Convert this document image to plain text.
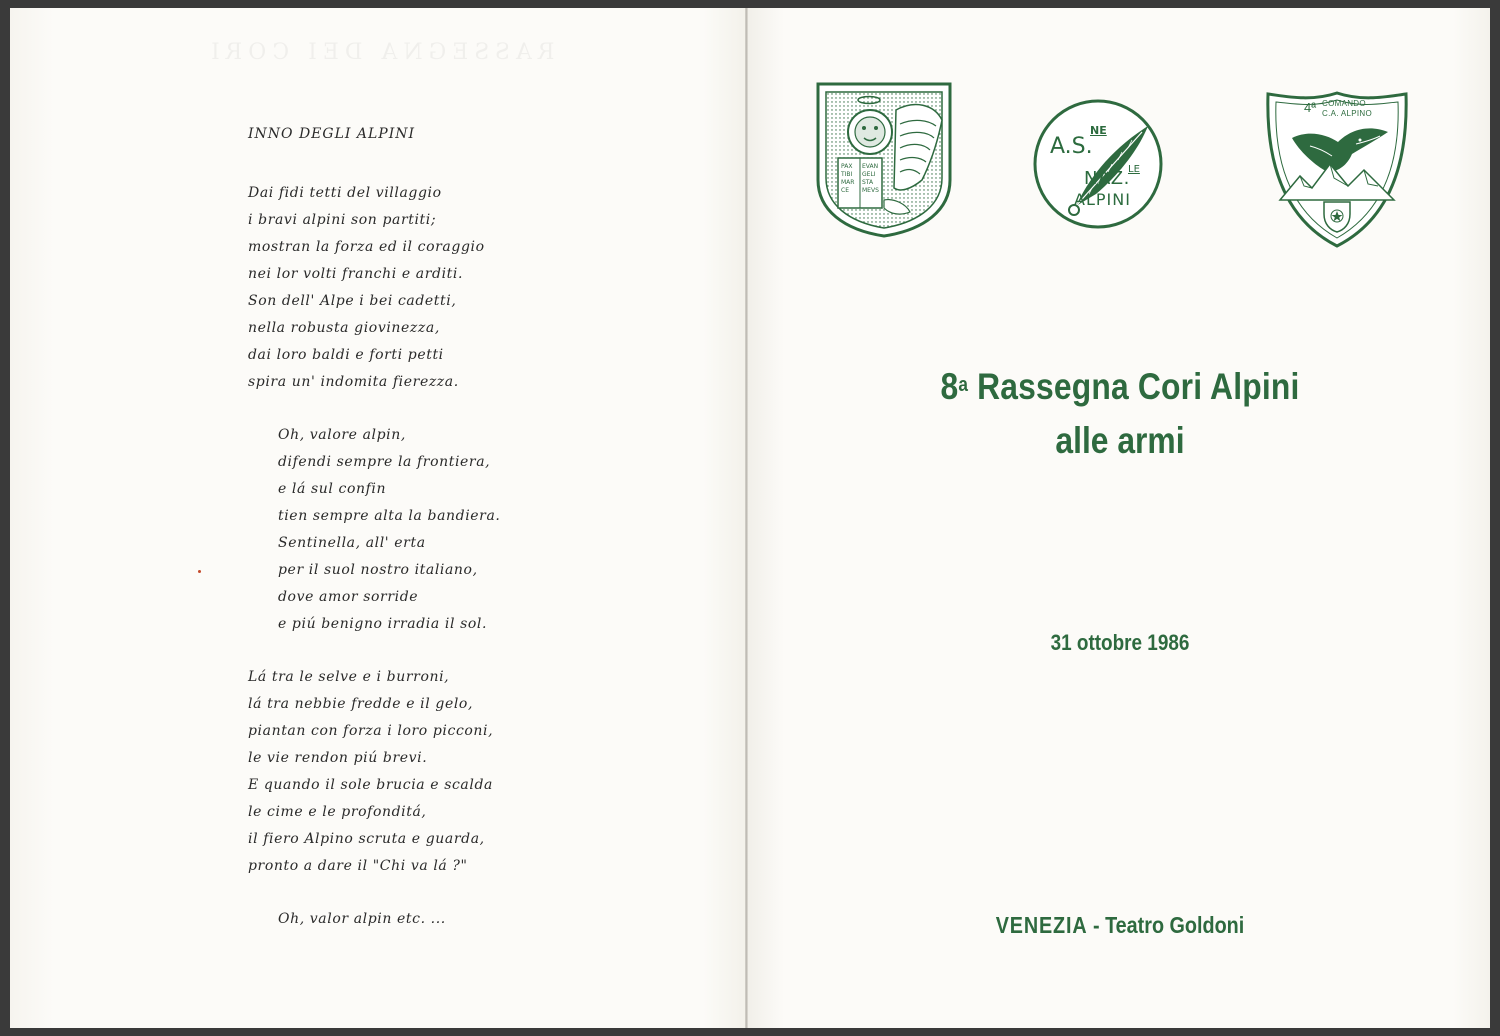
INNO DEGLI ALPINI
Dai fidi tetti del villaggio
i bravi alpini son partiti;
mostran la forza ed il coraggio
nei lor volti franchi e arditi.
Son dell' Alpe i bei cadetti,
nella robusta giovinezza,
dai loro baldi e forti petti
spira un' indomita fierezza.
Oh, valore alpin,
difendi sempre la frontiera,
e lá sul confin
tien sempre alta la bandiera.
Sentinella, all' erta
per il suol nostro italiano,
dove amor sorride
e piú benigno irradia il sol.
Lá tra le selve e i burroni,
lá tra nebbie fredde e il gelo,
piantan con forza i loro picconi,
le vie rendon piú brevi.
E quando il sole brucia e scalda
le cime e le profonditá,
il fiero Alpino scruta e guarda,
pronto a dare il "Chi va lá ?"
Oh, valor alpin etc. ...
PAX
TIBI
MAR
CE
EVAN
GELI
STA
MEVS
A.S.
NE
NAZ.
LE
ALPINI
4ª COMANDO
C.A. ALPINO
8$^a$ Rassegna Cori Alpini
alle armi
31 ottobre 1986
VENEZIA - Teatro Goldoni
